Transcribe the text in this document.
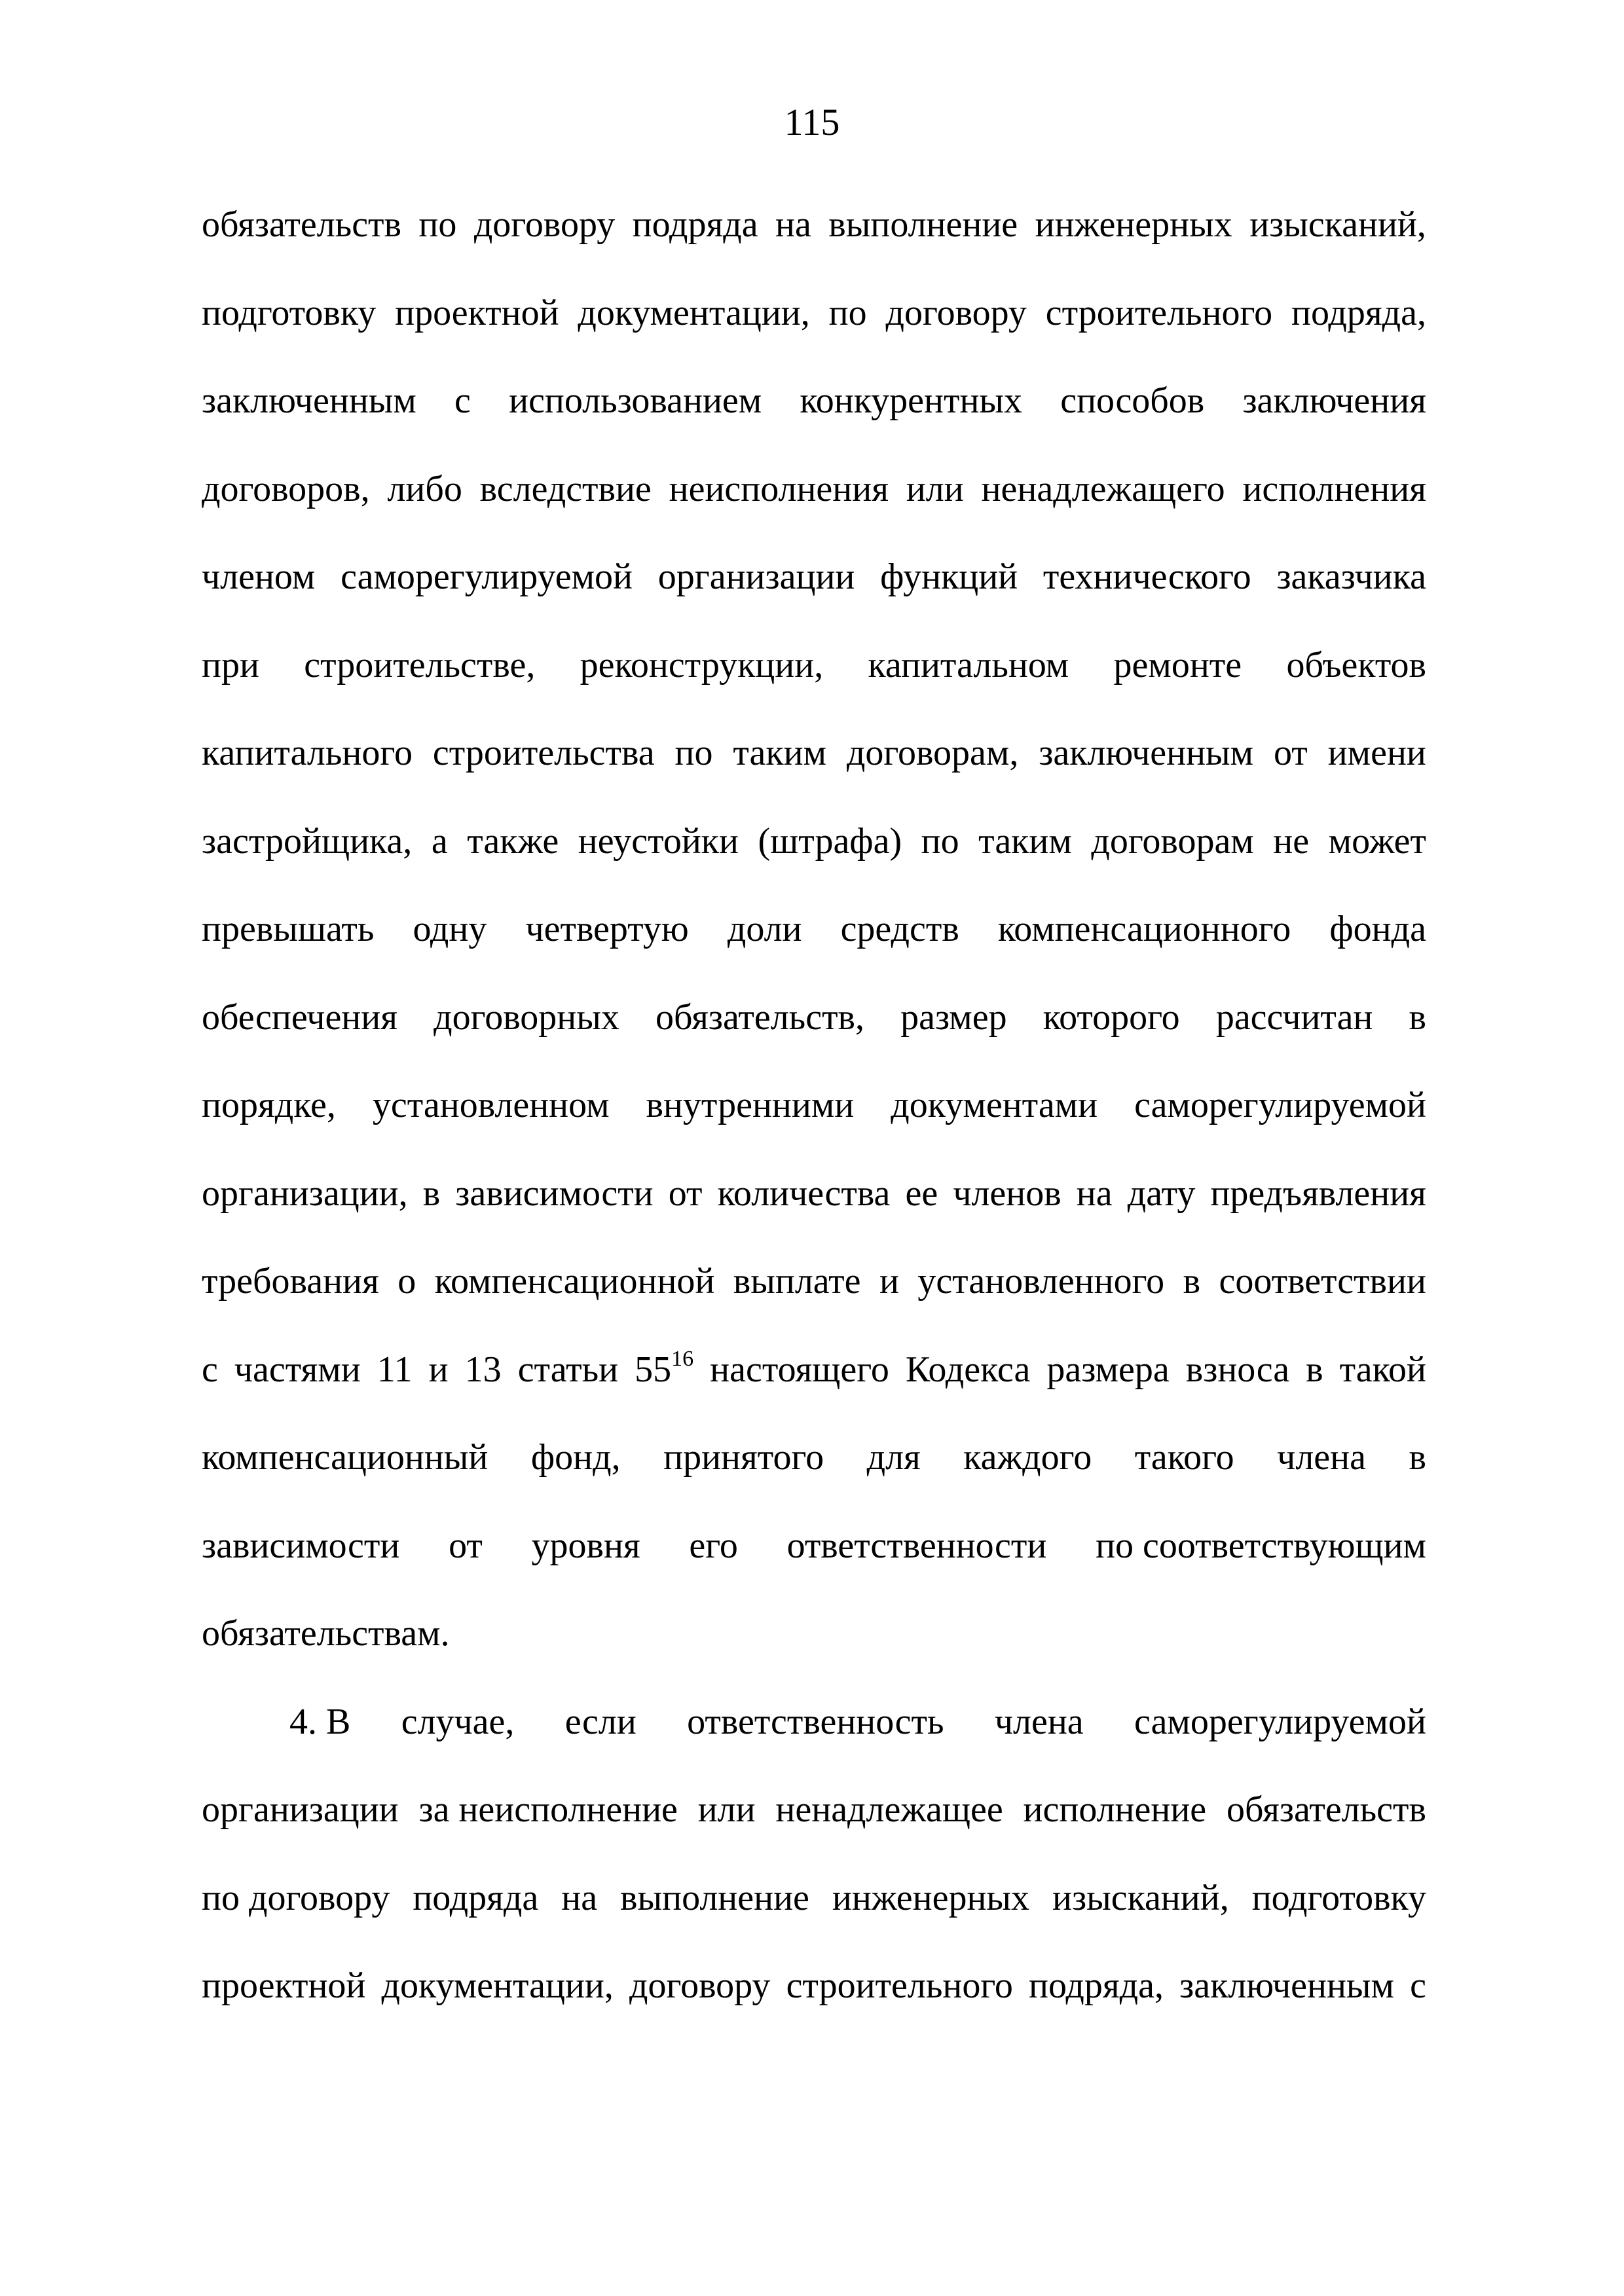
115
обязательств по договору подряда на выполнение инженерных изысканий,
подготовку проектной документации, по договору строительного подряда,
заключенным с использованием конкурентных способов заключения
договоров, либо вследствие неисполнения или ненадлежащего исполнения
членом саморегулируемой организации функций технического заказчика
при строительстве, реконструкции, капитальном ремонте объектов
капитального строительства по таким договорам, заключенным от имени
застройщика, а также неустойки (штрафа) по таким договорам не может
превышать одну четвертую доли средств компенсационного фонда
обеспечения договорных обязательств, размер которого рассчитан в
порядке, установленном внутренними документами саморегулируемой
организации, в зависимости от количества ее членов на дату предъявления
требования о компенсационной выплате и установленного в соответствии
с частями 11 и 13 статьи $55^{16}$ настоящего Кодекса размера взноса в такой
компенсационный фонд, принятого для каждого такого члена в
зависимости от уровня его ответственности по соответствующим
обязательствам.
4. В случае, если ответственность члена саморегулируемой
организации за неисполнение или ненадлежащее исполнение обязательств
по договору подряда на выполнение инженерных изысканий, подготовку
проектной документации, договору строительного подряда, заключенным с
